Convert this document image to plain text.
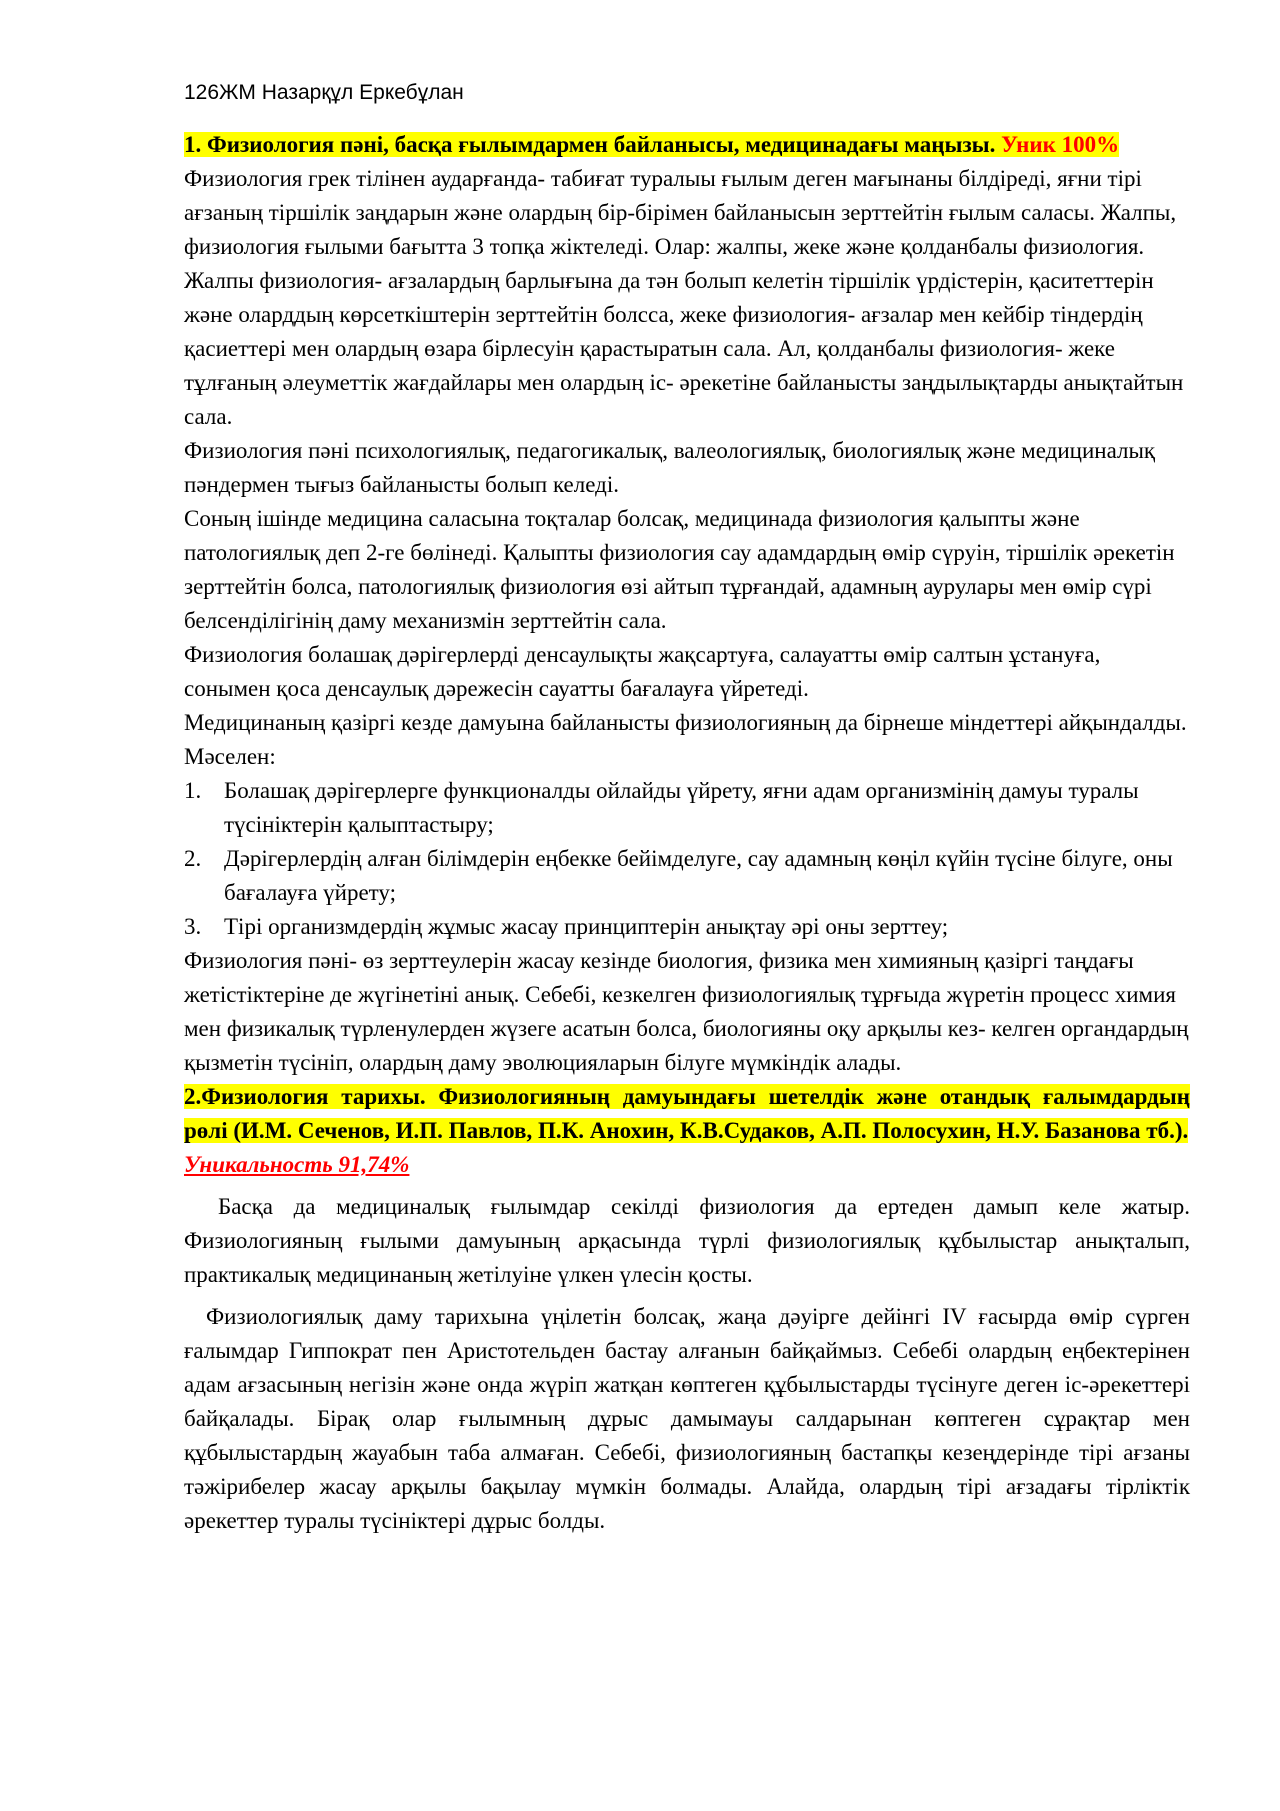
126ЖМ Назарқұл Еркебұлан

1. Физиология пәні, басқа ғылымдармен байланысы, медицинадағы маңызы. Уник 100%

Физиология грек тілінен аударғанда- табиғат туралыы ғылым деген мағынаны білдіреді, яғни тірі ағзаның тіршілік заңдарын және олардың бір-бірімен байланысын зерттейтін ғылым саласы. Жалпы, физиология ғылыми бағытта 3 топқа жіктеледі. Олар: жалпы, жеке және қолданбалы физиология. Жалпы физиология- ағзалардың барлығына да тән болып келетін тіршілік үрдістерін, қаситеттерін және оларддың көрсеткіштерін зерттейтін болсса, жеке физиология- ағзалар мен кейбір тіндердің қасиеттері мен олардың өзара бірлесуін қарастыратын сала. Ал, қолданбалы физиология- жеке тұлғаның әлеуметтік жағдайлары мен олардың іс- әрекетіне байланысты заңдылықтарды анықтайтын сала.

Физиология пәні психологиялық, педагогикалық, валеологиялық, биологиялық және медициналық пәндермен тығыз байланысты болып келеді.

Соның ішінде медицина саласына тоқталар болсақ, медицинада физиология қалыпты және патологиялық деп 2-ге бөлінеді. Қалыпты физиология сау адамдардың өмір сүруін, тіршілік әрекетін зерттейтін болса, патологиялық физиология өзі айтып тұрғандай, адамның аурулары мен өмір сүрі белсенділігінің даму механизмін зерттейтін сала.

Физиология болашақ дәрігерлерді денсаулықты жақсартуға, салауатты өмір салтын ұстануға, сонымен қоса денсаулық дәрежесін сауатты бағалауға үйретеді.

Медицинаның қазіргі кезде дамуына байланысты физиологияның да бірнеше міндеттері айқындалды. Мәселен:

1. Болашақ дәрігерлерге функционалды ойлайды үйрету, яғни адам организмінің дамуы туралы түсініктерін қалыптастыру;
2. Дәрігерлердің алған білімдерін еңбекке бейімделуге, сау адамның көңіл күйін түсіне білуге, оны бағалауға үйрету;
3. Тірі организмдердің жұмыс жасау принциптерін анықтау әрі оны зерттеу;

Физиология пәні- өз зерттеулерін жасау кезінде биология, физика мен химияның қазіргі таңдағы жетістіктеріне де жүгінетіні анық. Себебі, кезкелген физиологиялық тұрғыда жүретін процесс химия мен физикалық түрленулерден жүзеге асатын болса, биологияны оқу арқылы кез- келген органдардың қызметін түсініп, олардың даму эволюцияларын білуге мүмкіндік алады.

2.Физиология тарихы. Физиологияның дамуындағы шетелдік және отандық ғалымдардың рөлі (И.М. Сеченов, И.П. Павлов, П.К. Анохин, К.В.Судаков, А.П. Полосухин, Н.У. Базанова тб.).

Уникальность 91,74%

Басқа да медициналық ғылымдар секілді физиология да ертеден дамып келе жатыр. Физиологияның ғылыми дамуының арқасында түрлі физиологиялық құбылыстар анықталып, практикалық медицинаның жетілуіне үлкен үлесін қосты.

Физиологиялық даму тарихына үңілетін болсақ, жаңа дәуірге дейінгі IV ғасырда өмір сүрген ғалымдар Гиппократ пен Аристотельден бастау алғанын байқаймыз. Себебі олардың еңбектерінен адам ағзасының негізін және онда жүріп жатқан көптеген құбылыстарды түсінуге деген іс-әрекеттері байқалады. Бірақ олар ғылымның дұрыс дамымауы салдарынан көптеген сұрақтар мен құбылыстардың жауабын таба алмаған. Себебі, физиологияның бастапқы кезеңдерінде тірі ағзаны тәжірибелер жасау арқылы бақылау мүмкін болмады. Алайда, олардың тірі ағзадағы тірліктік әрекеттер туралы түсініктері дұрыс болды.
